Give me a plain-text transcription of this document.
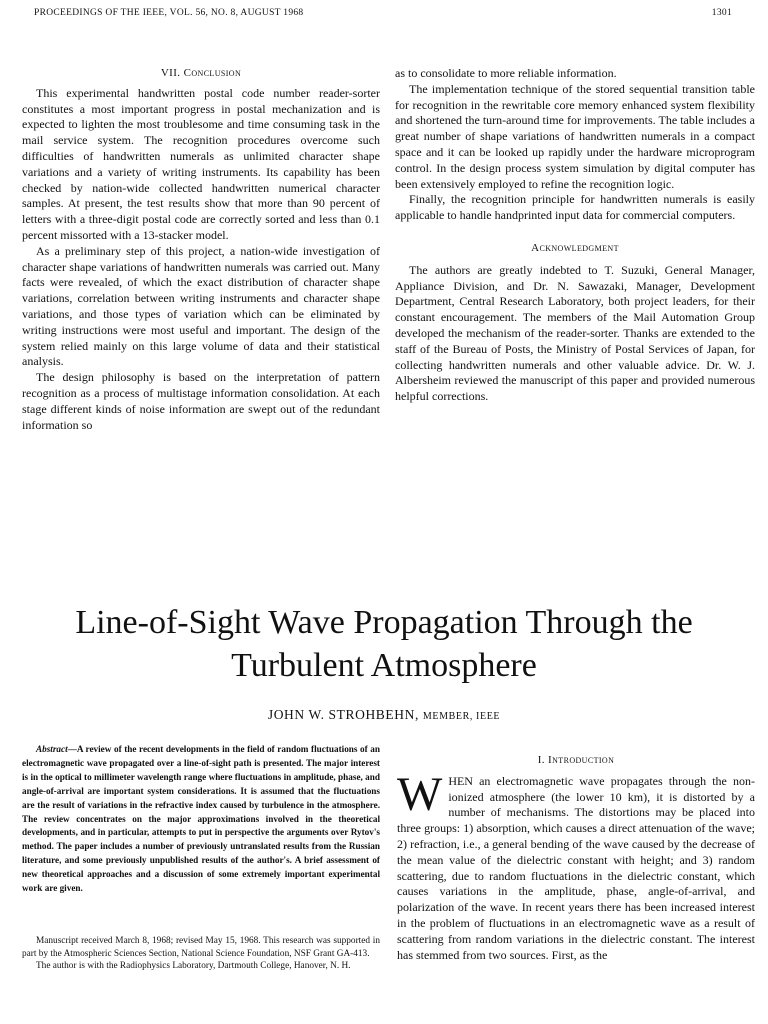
PROCEEDINGS OF THE IEEE, VOL. 56, NO. 8, AUGUST 1968	1301
VII. Conclusion

This experimental handwritten postal code number reader-sorter constitutes a most important progress in postal mechanization and is expected to lighten the most troublesome and time consuming task in the mail service system. The recognition procedures overcome such difficulties of handwritten numerals as unlimited character shape variations and a variety of writing instruments. Its capability has been checked by nation-wide collected handwritten numerical character samples. At present, the test results show that more than 90 percent of letters with a three-digit postal code are correctly sorted and less than 0.1 percent missorted with a 13-stacker model.

As a preliminary step of this project, a nation-wide investigation of character shape variations of handwritten numerals was carried out. Many facts were revealed, of which the exact distribution of character shape variations, correlation between writing instruments and character shape variations, and those types of variation which can be eliminated by writing instructions were most useful and important. The design of the system relied mainly on this large volume of data and their statistical analysis.

The design philosophy is based on the interpretation of pattern recognition as a process of multistage information consolidation. At each stage different kinds of noise information are swept out of the redundant information so

as to consolidate to more reliable information.

The implementation technique of the stored sequential transition table for recognition in the rewritable core memory enhanced system flexibility and shortened the turn-around time for improvements. The table includes a great number of shape variations of handwritten numerals in a compact space and it can be looked up rapidly under the hardware microprogram control. In the design process system simulation by digital computer has been extensively employed to refine the recognition logic.

Finally, the recognition principle for handwritten numerals is easily applicable to handle handprinted input data for commercial computers.

Acknowledgment

The authors are greatly indebted to T. Suzuki, General Manager, Appliance Division, and Dr. N. Sawazaki, Manager, Development Department, Central Research Laboratory, both project leaders, for their constant encouragement. The members of the Mail Automation Group developed the mechanism of the reader-sorter. Thanks are extended to the staff of the Bureau of Posts, the Ministry of Postal Services of Japan, for collecting handwritten numerals and other valuable advice. Dr. W. J. Albersheim reviewed the manuscript of this paper and provided numerous helpful corrections.

Line-of-Sight Wave Propagation Through the
Turbulent Atmosphere
JOHN W. STROHBEHN, MEMBER, IEEE

Abstract—A review of the recent developments in the field of random fluctuations of an electromagnetic wave propagated over a line-of-sight path is presented. The major interest is in the optical to millimeter wavelength range where fluctuations in amplitude, phase, and angle-of-arrival are important system considerations. It is assumed that the fluctuations are the result of variations in the refractive index caused by turbulence in the atmosphere. The review concentrates on the major approximations involved in the theoretical developments, and in particular, attempts to put in perspective the arguments over Rytov's method. The paper includes a number of previously untranslated results from the Russian literature, and some previously unpublished results of the author's. A brief assessment of new theoretical approaches and a discussion of some extremely important experimental work are given.

Manuscript received March 8, 1968; revised May 15, 1968. This research was supported in part by the Atmospheric Sciences Section, National Science Foundation, NSF Grant GA-413.

The author is with the Radiophysics Laboratory, Dartmouth College, Hanover, N. H.

I. Introduction

WHEN an electromagnetic wave propagates through the non-ionized atmosphere (the lower 10 km), it is distorted by a number of mechanisms. The distortions may be placed into three groups: 1) absorption, which causes a direct attenuation of the wave; 2) refraction, i.e., a general bending of the wave caused by the decrease of the mean value of the dielectric constant with height; and 3) random scattering, due to random fluctuations in the dielectric constant, which causes variations in the amplitude, phase, angle-of-arrival, and polarization of the wave. In recent years there has been increased interest in the problem of fluctuations in an electromagnetic wave as a result of scattering from random variations in the dielectric constant. The interest has stemmed from two sources. First, as the
